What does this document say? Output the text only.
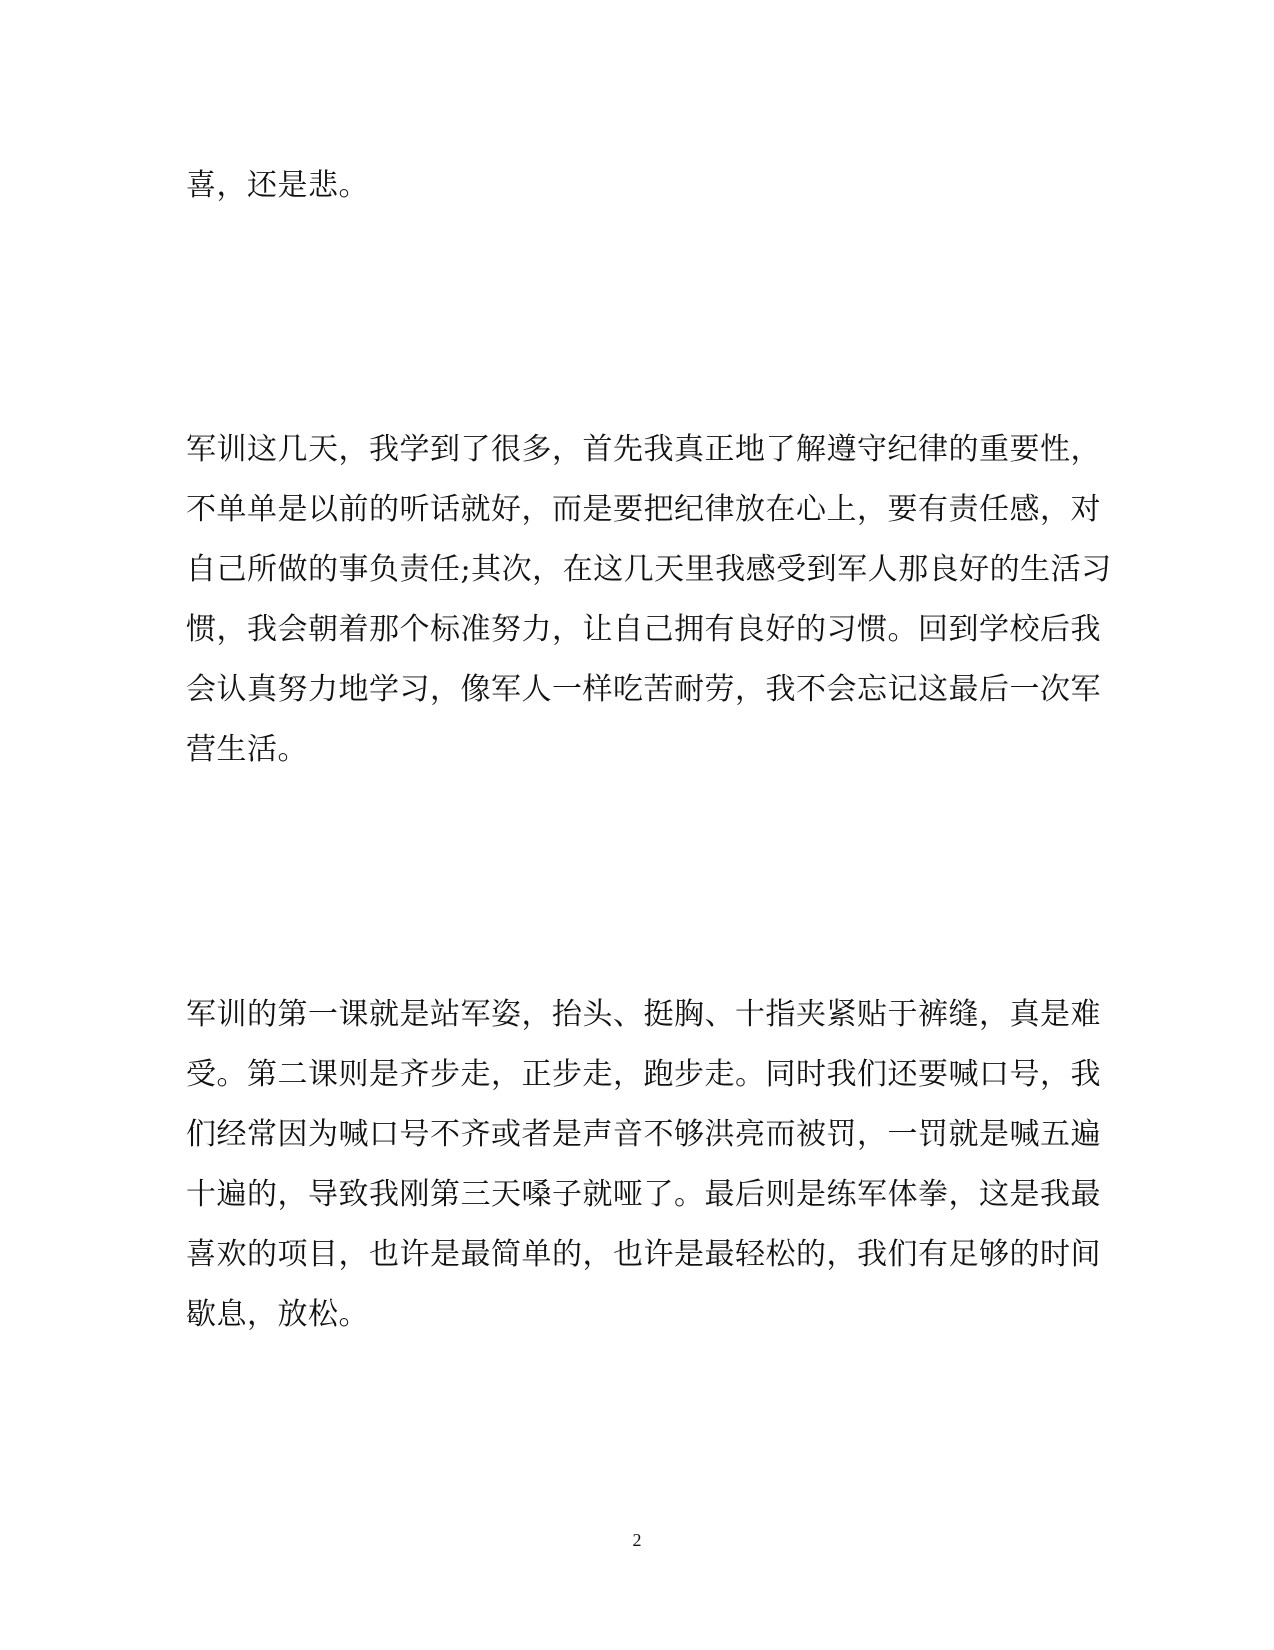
喜，还是悲。
军训这几天，我学到了很多，首先我真正地了解遵守纪律的重要性，
不单单是以前的听话就好，而是要把纪律放在心上，要有责任感，对
自己所做的事负责任;其次，在这几天里我感受到军人那良好的生活习
惯，我会朝着那个标准努力，让自己拥有良好的习惯。回到学校后我
会认真努力地学习，像军人一样吃苦耐劳，我不会忘记这最后一次军
营生活。
军训的第一课就是站军姿，抬头、挺胸、十指夹紧贴于裤缝，真是难
受。第二课则是齐步走，正步走，跑步走。同时我们还要喊口号，我
们经常因为喊口号不齐或者是声音不够洪亮而被罚，一罚就是喊五遍
十遍的，导致我刚第三天嗓子就哑了。最后则是练军体拳，这是我最
喜欢的项目，也许是最简单的，也许是最轻松的，我们有足够的时间
歇息，放松。
2
